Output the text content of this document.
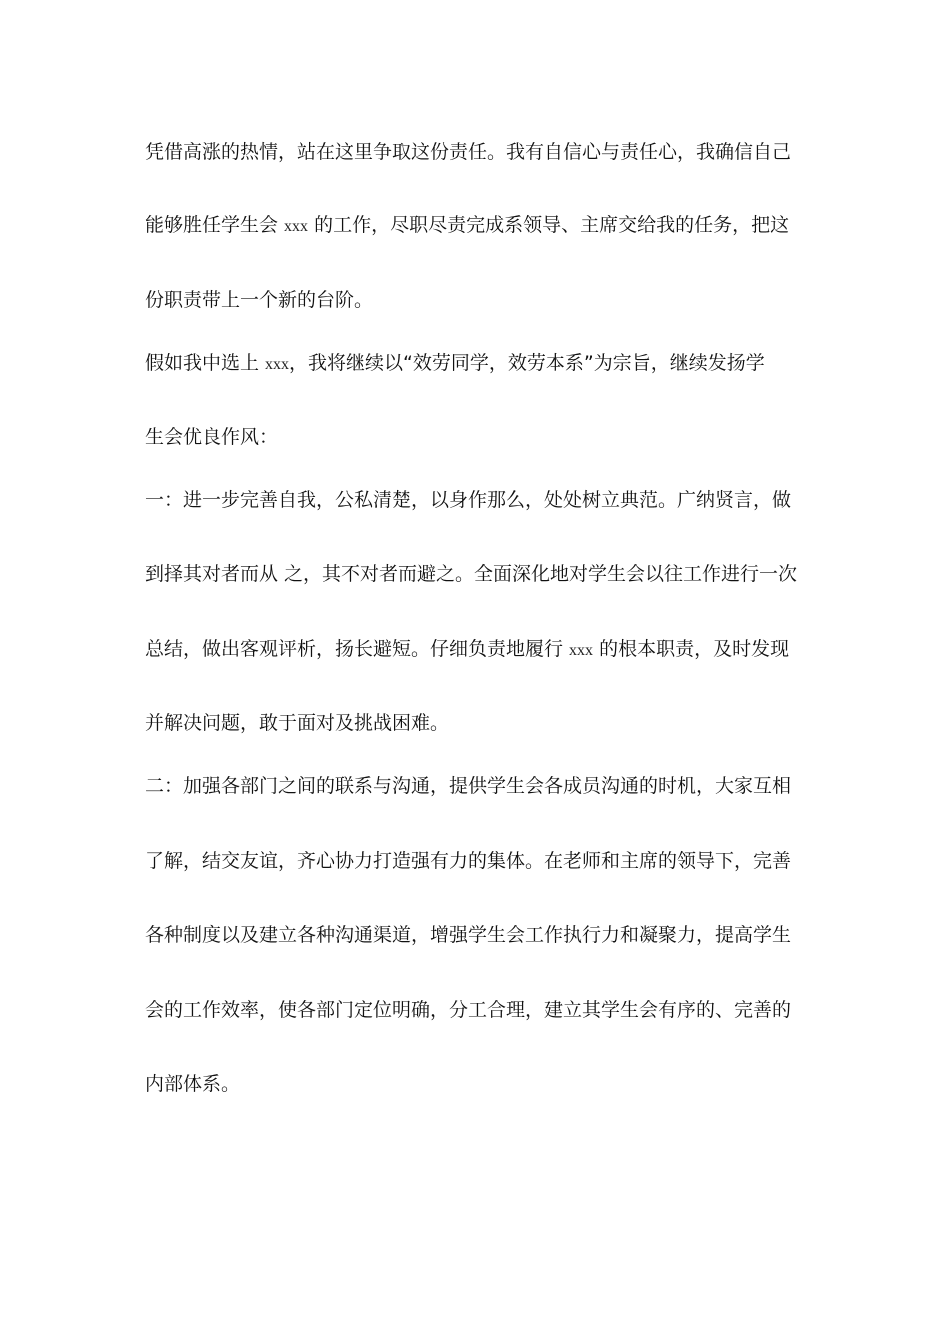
凭借高涨的热情，站在这里争取这份责任。我有自信心与责任心，我确信自己
能够胜任学生会 xxx 的工作，尽职尽责完成系领导、主席交给我的任务，把这
份职责带上一个新的台阶。
假如我中选上 xxx，我将继续以“效劳同学，效劳本系”为宗旨，继续发扬学
生会优良作风：
一：进一步完善自我，公私清楚，以身作那么，处处树立典范。广纳贤言，做
到择其对者而从 之，其不对者而避之。全面深化地对学生会以往工作进行一次
总结，做出客观评析，扬长避短。仔细负责地履行 xxx 的根本职责，及时发现
并解决问题，敢于面对及挑战困难。
二：加强各部门之间的联系与沟通，提供学生会各成员沟通的时机，大家互相
了解，结交友谊，齐心协力打造强有力的集体。在老师和主席的领导下，完善
各种制度以及建立各种沟通渠道，增强学生会工作执行力和凝聚力，提高学生
会的工作效率，使各部门定位明确，分工合理，建立其学生会有序的、完善的
内部体系。
